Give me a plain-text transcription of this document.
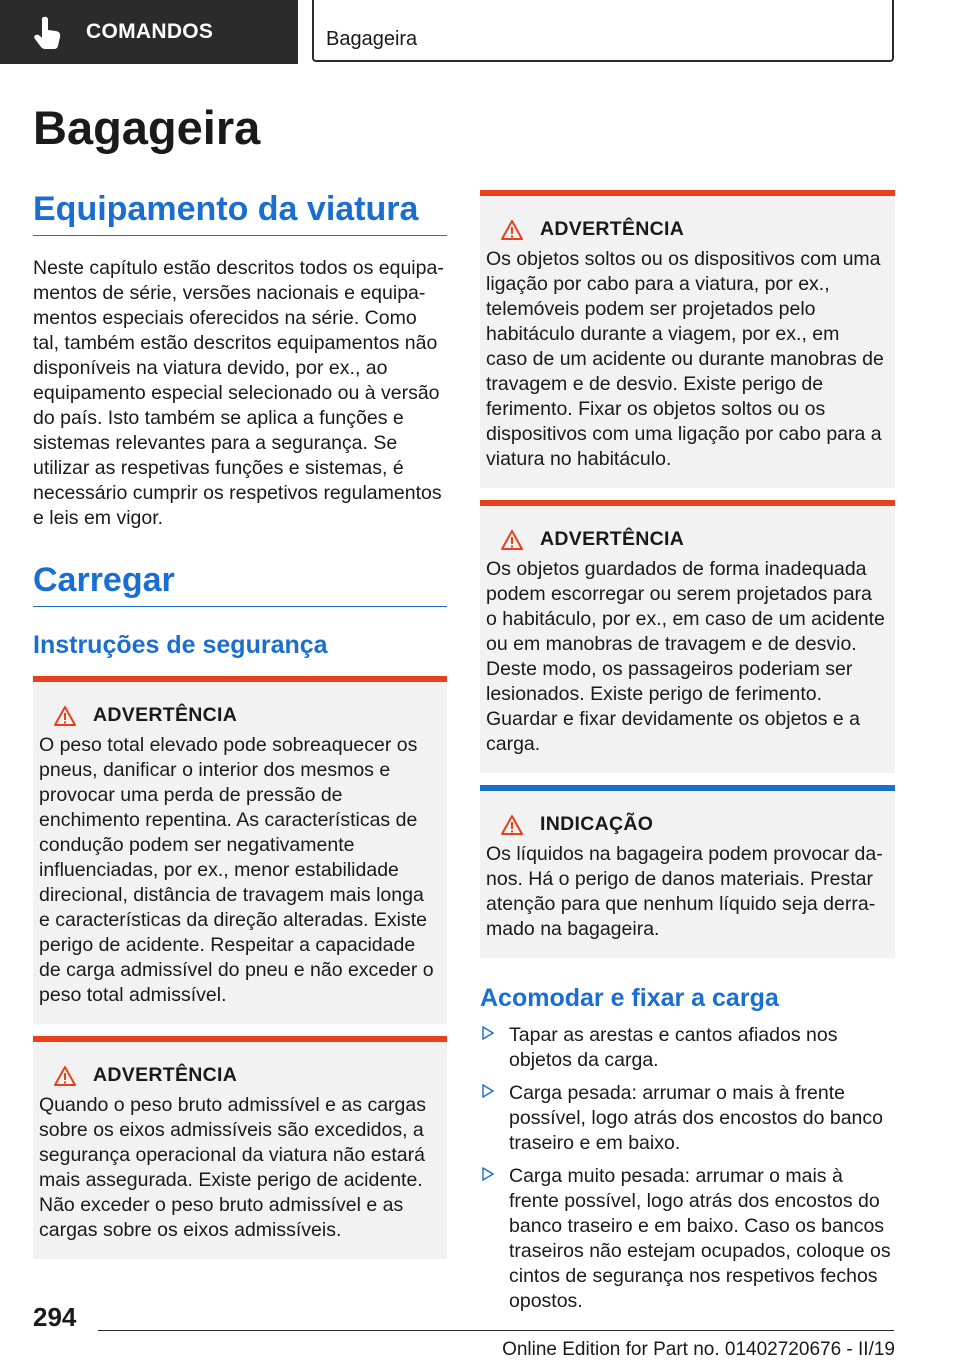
COMANDOS	Bagageira
Bagageira
Equipamento da viatura

Neste capítulo estão descritos todos os equipamentos de série, versões nacionais e equipamentos especiais oferecidos na série. Como tal, também estão descritos equipamentos não disponíveis na viatura devido, por ex., ao equipamento especial selecionado ou à versão do país. Isto também se aplica a funções e sistemas relevantes para a segurança. Se utilizar as respetivas funções e sistemas, é necessário cumprir os respetivos regulamentos e leis em vigor.

Carregar
Instruções de segurança
ADVERTÊNCIA

O peso total elevado pode sobreaquecer os pneus, danificar o interior dos mesmos e provocar uma perda de pressão de enchimento repentina. As características de condução podem ser negativamente influenciadas, por ex., menor estabilidade direcional, distância de travagem mais longa e características da direção alteradas. Existe perigo de acidente. Respeitar a capacidade de carga admissível do pneu e não exceder o peso total admissível.

ADVERTÊNCIA

Quando o peso bruto admissível e as cargas sobre os eixos admissíveis são excedidos, a segurança operacional da viatura não estará mais assegurada. Existe perigo de acidente. Não exceder o peso bruto admissível e as cargas sobre os eixos admissíveis.

ADVERTÊNCIA

Os objetos soltos ou os dispositivos com uma ligação por cabo para a viatura, por ex., telemóveis podem ser projetados pelo habitáculo durante a viagem, por ex., em caso de um acidente ou durante manobras de travagem e de desvio. Existe perigo de ferimento. Fixar os objetos soltos ou os dispositivos com uma ligação por cabo para a viatura no habitáculo.

ADVERTÊNCIA

Os objetos guardados de forma inadequada podem escorregar ou serem projetados para o habitáculo, por ex., em caso de um acidente ou em manobras de travagem e de desvio. Deste modo, os passageiros poderiam ser lesionados. Existe perigo de ferimento. Guardar e fixar devidamente os objetos e a carga.

INDICAÇÃO

Os líquidos na bagageira podem provocar danos. Há o perigo de danos materiais. Prestar atenção para que nenhum líquido seja derramado na bagageira.

Acomodar e fixar a carga
Tapar as arestas e cantos afiados nos objetos da carga.
Carga pesada: arrumar o mais à frente possível, logo atrás dos encostos do banco traseiro e em baixo.
Carga muito pesada: arrumar o mais à frente possível, logo atrás dos encostos do banco traseiro e em baixo. Caso os bancos traseiros não estejam ocupados, coloque os cintos de segurança nos respetivos fechos opostos.
294
Online Edition for Part no. 01402720676 - II/19
